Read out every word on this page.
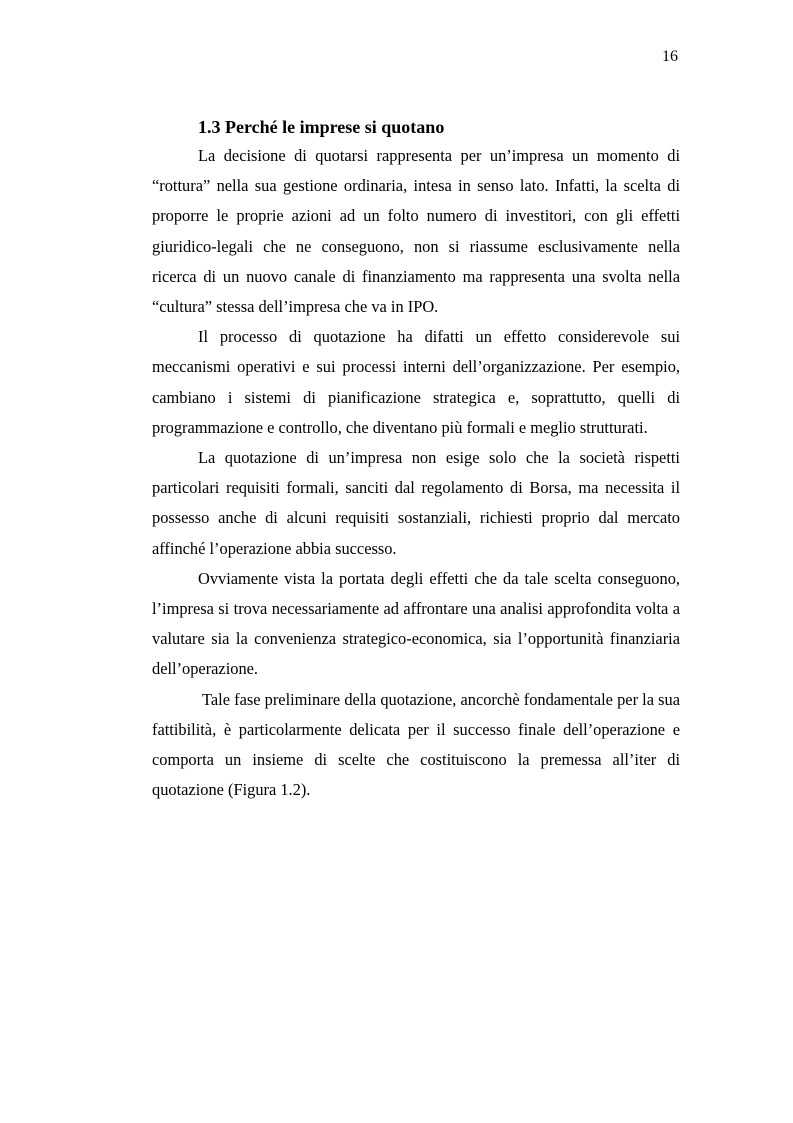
16
1.3 Perché le imprese si quotano

La decisione di quotarsi rappresenta per un’impresa un momento di “rottura” nella sua gestione ordinaria, intesa in senso lato. Infatti, la scelta di proporre le proprie azioni ad un folto numero di investitori, con gli effetti giuridico-legali che ne conseguono, non si riassume esclusivamente nella ricerca di un nuovo canale di finanziamento ma rappresenta una svolta nella “cultura” stessa dell’impresa che va in IPO.

Il processo di quotazione ha difatti un effetto considerevole sui meccanismi operativi e sui processi interni dell’organizzazione. Per esempio, cambiano i sistemi di pianificazione strategica e, soprattutto, quelli di programmazione e controllo, che diventano più formali e meglio strutturati.

La quotazione di un’impresa non esige solo che la società rispetti particolari requisiti formali, sanciti dal regolamento di Borsa, ma necessita il possesso anche di alcuni requisiti sostanziali, richiesti proprio dal mercato affinché l’operazione abbia successo.

Ovviamente vista la portata degli effetti che da tale scelta conseguono, l’impresa si trova necessariamente ad affrontare una analisi approfondita volta a valutare sia la convenienza strategico-economica, sia l’opportunità finanziaria dell’operazione.

Tale fase preliminare della quotazione, ancorchè fondamentale per la sua fattibilità, è particolarmente delicata per il successo finale dell’operazione e comporta un insieme di scelte che costituiscono la premessa all’iter di quotazione (Figura 1.2).
